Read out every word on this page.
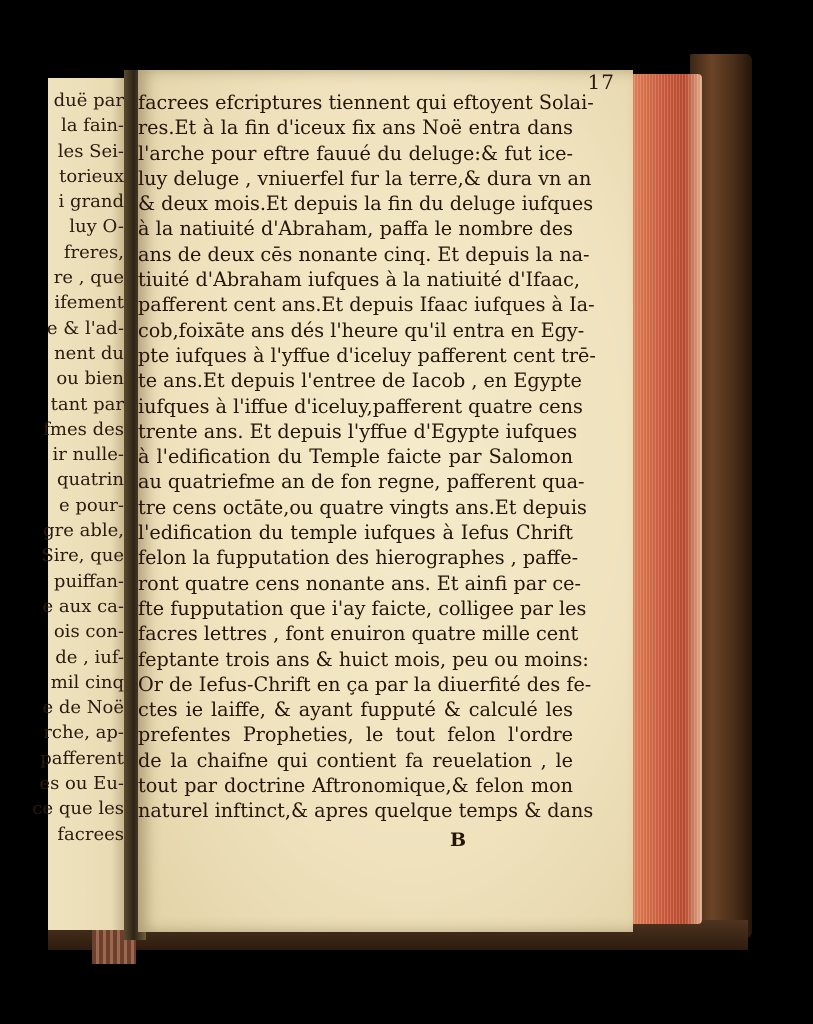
duë par
la fain-
les Sei-
torieux
i grand
luy O-
freres,
re , que
ifement
e & l'ad-
nent du
ou bien
tant par
fmes des
ir nulle-
quatrin
e pour-
gre able,
Sire, que
puiffan-
e aux ca-
ois con-
de , iuf-
mil cinq
e de Noë
rche, ap-
pafferent
es ou Eu-
ce que les
facrees
17
facrees efcriptures tiennent qui eftoyent Solai-
res.Et à la fin d'iceux fix ans Noë entra dans
l'arche pour eftre fauué du deluge:& fut ice-
luy deluge , vniuerfel fur la terre,& dura vn an
& deux mois.Et depuis la fin du deluge iufques
à la natiuité d'Abraham, paffa le nombre des
ans de deux cēs nonante cinq. Et depuis la na-
tiuité d'Abraham iufques à la natiuité d'Ifaac,
pafferent cent ans.Et depuis Ifaac iufques à Ia-
cob,foixāte ans dés l'heure qu'il entra en Egy-
pte iufques à l'yffue d'iceluy pafferent cent trē-
te ans.Et depuis l'entree de Iacob , en Egypte
iufques à l'iffue d'iceluy,pafferent quatre cens
trente ans. Et depuis l'yffue d'Egypte iufques
à l'edification du Temple faicte par Salomon
au quatriefme an de fon regne, pafferent qua-
tre cens octāte,ou quatre vingts ans.Et depuis
l'edification du temple iufques à Iefus Chrift
felon la fupputation des hierographes , paffe-
ront quatre cens nonante ans. Et ainfi par ce-
fte fupputation que i'ay faicte, colligee par les
facres lettres , font enuiron quatre mille cent
feptante trois ans & huict mois, peu ou moins:
Or de Iefus-Chrift en ça par la diuerfité des fe-
ctes ie laiffe, & ayant fupputé & calculé les
prefentes Propheties, le tout felon l'ordre
de la chaifne qui contient fa reuelation , le
tout par doctrine Aftronomique,& felon mon
naturel inftinct,& apres quelque temps & dans
B
